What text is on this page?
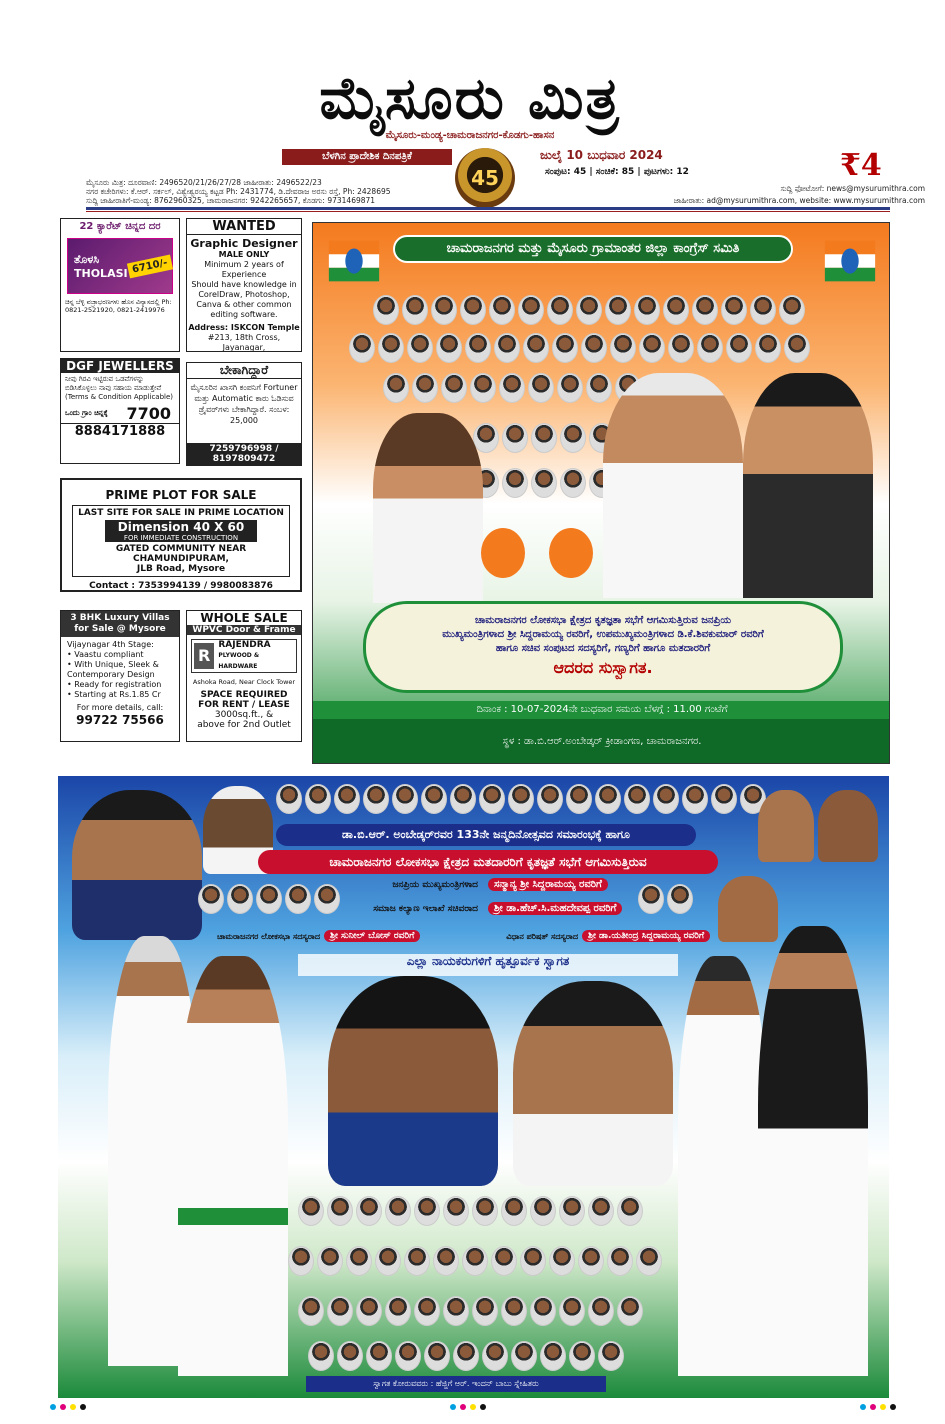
ಮೈಸೂರು ಮಿತ್ರ
ಮೈಸೂರು-ಮಂಡ್ಯ-ಚಾಮರಾಜನಗರ-ಕೊಡಗು-ಹಾಸನ
ಬೆಳಗಿನ ಪ್ರಾದೇಶಿಕ ದಿನಪತ್ರಿಕೆ
45
ಜುಲೈ 10 ಬುಧವಾರ 2024	₹4
ಸಂಪುಟ: 45 | ಸಂಚಿಕೆ: 85 | ಪುಟಗಳು: 12
ಮೈಸೂರು ಮಿತ್ರ: ದೂರವಾಣಿ: 2496520/21/26/27/28 ಜಾಹೀರಾತು: 2496522/23
ನಗರ ಕಚೇರಿಗಳು: ಕೆ.ಆರ್. ಸರ್ಕಲ್, ವಿಶ್ವೇಶ್ವರಯ್ಯ ಕಟ್ಟಡ Ph: 2431774, ಡಿ.ದೇವರಾಜ ಅರಸು ರಸ್ತೆ, Ph: 2428695
ಸುದ್ದಿ ಜಾಹೀರಾತಿಗೆ-ಮಂಡ್ಯ: 8762960325, ಚಾಮರಾಜನಗರ: 9242265657, ಕೊಡಗು: 9731469871
ಸುದ್ದಿ ಫೋಟೋಗೆ: news@mysurumithra.com
ಜಾಹೀರಾತು: ad@mysurumithra.com, website: www.mysurumithra.com
22 ಕ್ಯಾರೆಟ್ ಚಿನ್ನದ ದರ
ತೊಳಸಿ
THOLASI 6710/-
ಚಿನ್ನ ಬೆಳ್ಳಿ ವಜ್ರಾಭರಣಗಳು ಹೊಸ ವಿನ್ಯಾಸದಲ್ಲಿ Ph: 0821-2521920, 0821-2419976
WANTED
Graphic Designer
MALE ONLY
Minimum 2 years of Experience
Should have knowledge in
CorelDraw, Photoshop,
Canva & other common editing software.
Address: ISKCON Temple
#213, 18th Cross, Jayanagar,
DGF JEWELLERS
ನೀವು ಗಿರವಿ ಇಟ್ಟಿರುವ ಒಡವೆಗಳನ್ನು ಬಿಡಿಸಿಕೊಳ್ಳಲು ನಾವು ಸಹಾಯ ಮಾಡುತ್ತೇವೆ (Terms & Condition Applicable)
ಒಂದು ಗ್ರಾಂ ಚಿನ್ನಕ್ಕೆ 7700
8884171888
ಬೇಕಾಗಿದ್ದಾರೆ
ಮೈಸೂರಿನ ಖಾಸಗಿ ಕಂಪನಿಗೆ Fortuner ಮತ್ತು Automatic ಕಾರು ಓಡಿಸುವ ಡ್ರೈವರ್‌ಗಳು ಬೇಕಾಗಿದ್ದಾರೆ. ಸಂಬಳ: 25,000
7259796998 / 8197809472
PRIME PLOT FOR SALE
LAST SITE FOR SALE IN PRIME LOCATION
Dimension 40 X 60
FOR IMMEDIATE CONSTRUCTION
GATED COMMUNITY NEAR CHAMUNDIPURAM,
JLB Road, Mysore
Contact : 7353994139 / 9980083876
3 BHK Luxury Villas for Sale @ Mysore
Vijaynagar 4th Stage:
• Vaastu compliant
• With Unique, Sleek & Contemporary Design
• Ready for registration
• Starting at Rs.1.85 Cr
For more details, call:
99722 75566
WHOLE SALE
WPVC Door & Frame
R
RAJENDRA
PLYWOOD & HARDWARE
Ashoka Road, Near Clock Tower
SPACE REQUIRED
FOR RENT / LEASE
3000sq.ft., &
above for 2nd Outlet
ಚಾಮರಾಜನಗರ ಮತ್ತು ಮೈಸೂರು ಗ್ರಾಮಾಂತರ ಜಿಲ್ಲಾ ಕಾಂಗ್ರೆಸ್ ಸಮಿತಿ
ಚಾಮರಾಜನಗರ ಲೋಕಸಭಾ ಕ್ಷೇತ್ರದ ಕೃತಜ್ಞತಾ ಸಭೆಗೆ ಆಗಮಿಸುತ್ತಿರುವ ಜನಪ್ರಿಯ
ಮುಖ್ಯಮಂತ್ರಿಗಳಾದ ಶ್ರೀ ಸಿದ್ದರಾಮಯ್ಯ ರವರಿಗೆ, ಉಪಮುಖ್ಯಮಂತ್ರಿಗಳಾದ ಡಿ.ಕೆ.ಶಿವಕುಮಾರ್ ರವರಿಗೆ
ಹಾಗೂ ಸಚಿವ ಸಂಪುಟದ ಸದಸ್ಯರಿಗೆ, ಗಣ್ಯರಿಗೆ ಹಾಗೂ ಮತದಾರರಿಗೆ
ಆದರದ ಸುಸ್ವಾಗತ.
ದಿನಾಂಕ : 10-07-2024ನೇ ಬುಧವಾರ ಸಮಯ ಬೆಳಗ್ಗೆ : 11.00 ಗಂಟೆಗೆ
ಸ್ಥಳ : ಡಾ.ಬಿ.ಆರ್.ಅಂಬೇಡ್ಕರ್ ಕ್ರೀಡಾಂಗಣ, ಚಾಮರಾಜನಗರ.
ಡಾ.ಬಿ.ಆರ್. ಅಂಬೇಡ್ಕರ್‌ರವರ 133ನೇ ಜನ್ಮದಿನೋತ್ಸವದ ಸಮಾರಂಭಕ್ಕೆ ಹಾಗೂ
ಚಾಮರಾಜನಗರ ಲೋಕಸಭಾ ಕ್ಷೇತ್ರದ ಮತದಾರರಿಗೆ ಕೃತಜ್ಞತೆ ಸಭೆಗೆ ಆಗಮಿಸುತ್ತಿರುವ
ಜನಪ್ರಿಯ ಮುಖ್ಯಮಂತ್ರಿಗಳಾದ	ಸನ್ಮಾನ್ಯ ಶ್ರೀ ಸಿದ್ದರಾಮಯ್ಯ ರವರಿಗೆ
ಸಮಾಜ ಕಲ್ಯಾಣ ಇಲಾಖೆ ಸಚಿವರಾದ	ಶ್ರೀ ಡಾ.ಹೆಚ್.ಸಿ.ಮಹದೇವಪ್ಪ ರವರಿಗೆ
ಚಾಮರಾಜನಗರ ಲೋಕಸಭಾ ಸದಸ್ಯರಾದ	ಶ್ರೀ ಸುನೀಲ್ ಬೋಸ್ ರವರಿಗೆ	ವಿಧಾನ ಪರಿಷತ್ ಸದಸ್ಯರಾದ	ಶ್ರೀ ಡಾ.ಯತೀಂದ್ರ ಸಿದ್ದರಾಮಯ್ಯ ರವರಿಗೆ
ಎಲ್ಲಾ ನಾಯಕರುಗಳಿಗೆ ಹೃತ್ಪೂರ್ವಕ ಸ್ವಾಗತ
ಸ್ವಾಗತ ಕೋರುವವರು : ಹೆಜ್ಜಿಗೆ ಆರ್. ಇಂದನ್ ಬಾಬು ಸ್ನೇಹಿತರು
